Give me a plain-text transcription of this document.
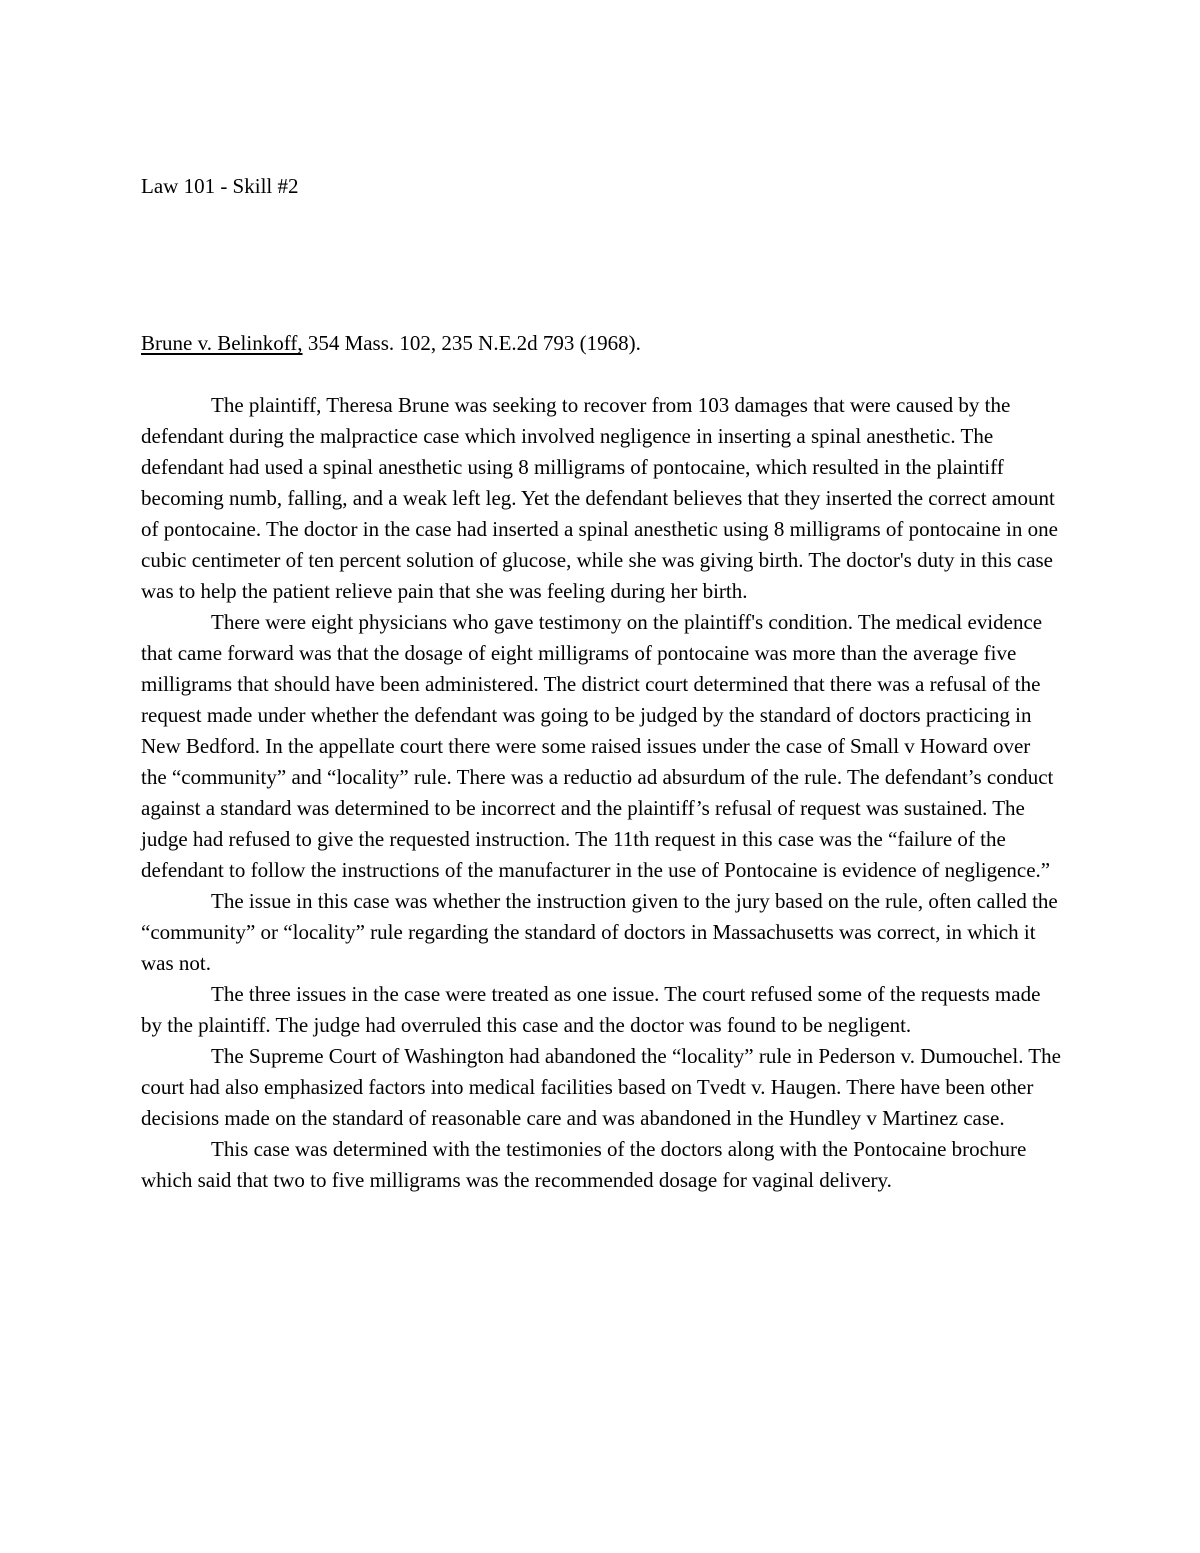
Law 101 - Skill #2

Brune v. Belinkoff, 354 Mass. 102, 235 N.E.2d 793 (1968).

The plaintiff, Theresa Brune was seeking to recover from 103 damages that were caused by the defendant during the malpractice case which involved negligence in inserting a spinal anesthetic. The defendant had used a spinal anesthetic using 8 milligrams of pontocaine, which resulted in the plaintiff becoming numb, falling, and a weak left leg. Yet the defendant believes that they inserted the correct amount of pontocaine. The doctor in the case had inserted a spinal anesthetic using 8 milligrams of pontocaine in one cubic centimeter of ten percent solution of glucose, while she was giving birth. The doctor's duty in this case was to help the patient relieve pain that she was feeling during her birth.

There were eight physicians who gave testimony on the plaintiff's condition. The medical evidence that came forward was that the dosage of eight milligrams of pontocaine was more than the average five milligrams that should have been administered. The district court determined that there was a refusal of the request made under whether the defendant was going to be judged by the standard of doctors practicing in New Bedford. In the appellate court there were some raised issues under the case of Small v Howard over the “community” and “locality” rule. There was a reductio ad absurdum of the rule. The defendant’s conduct against a standard was determined to be incorrect and the plaintiff’s refusal of request was sustained. The judge had refused to give the requested instruction. The 11th request in this case was the “failure of the defendant to follow the instructions of the manufacturer in the use of Pontocaine is evidence of negligence.”

The issue in this case was whether the instruction given to the jury based on the rule, often called the “community” or “locality” rule regarding the standard of doctors in Massachusetts was correct, in which it was not.

The three issues in the case were treated as one issue. The court refused some of the requests made by the plaintiff. The judge had overruled this case and the doctor was found to be negligent.

The Supreme Court of Washington had abandoned the “locality” rule in Pederson v. Dumouchel. The court had also emphasized factors into medical facilities based on Tvedt v. Haugen. There have been other decisions made on the standard of reasonable care and was abandoned in the Hundley v Martinez case.

This case was determined with the testimonies of the doctors along with the Pontocaine brochure which said that two to five milligrams was the recommended dosage for vaginal delivery.
